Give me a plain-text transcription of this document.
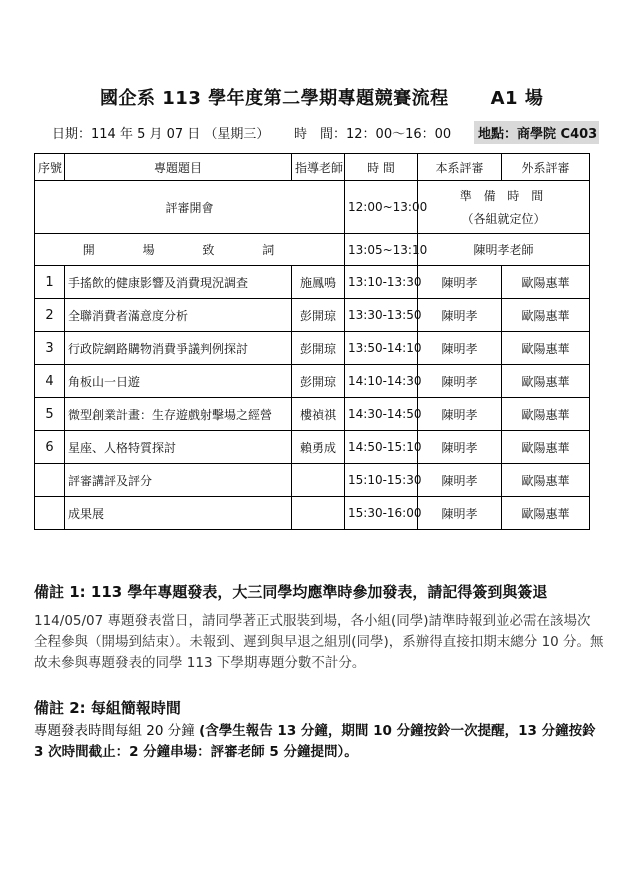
國企系 113 學年度第二學期專題競賽流程 A1 場
日期：114 年 5 月 07 日 （星期三） 時　間：12：00～16：00	地點：商學院 C403
序號	專題題目	指導老師	時 間	本系評審	外系評審
評審開會			12:00~13:00	準 備 時 間
（各組就定位）	

開 場 致 詞			13:05~13:10	陳明孝老師	
1	手搖飲的健康影響及消費現況調查	施鳳鳴	13:10-13:30	陳明孝	歐陽惠華
2	全聯消費者滿意度分析	彭開琼	13:30-13:50	陳明孝	歐陽惠華
3	行政院網路購物消費爭議判例探討	彭開琼	13:50-14:10	陳明孝	歐陽惠華
4	角板山一日遊	彭開琼	14:10-14:30	陳明孝	歐陽惠華
5	微型創業計畫：生存遊戲射擊場之經營	樓禎祺	14:30-14:50	陳明孝	歐陽惠華
6	星座、人格特質探討	賴勇成	14:50-15:10	陳明孝	歐陽惠華
	評審講評及評分		15:10-15:30	陳明孝	歐陽惠華
	成果展		15:30-16:00	陳明孝	歐陽惠華
備註 1: 113 學年專題發表，大三同學均應準時參加發表，請記得簽到與簽退

114/05/07 專題發表當日，請同學著正式服裝到場，各小組(同學)請準時報到並必需在該場次全程參與（開場到結束）。未報到、遲到與早退之組別(同學)，系辦得直接扣期末總分 10 分。無故未參與專題發表的同學 113 下學期專題分數不計分。

備註 2: 每組簡報時間

專題發表時間每組 20 分鐘 (含學生報告 13 分鐘，期間 10 分鐘按鈴一次提醒，13 分鐘按鈴 3 次時間截止：2 分鐘串場：評審老師 5 分鐘提問）。
